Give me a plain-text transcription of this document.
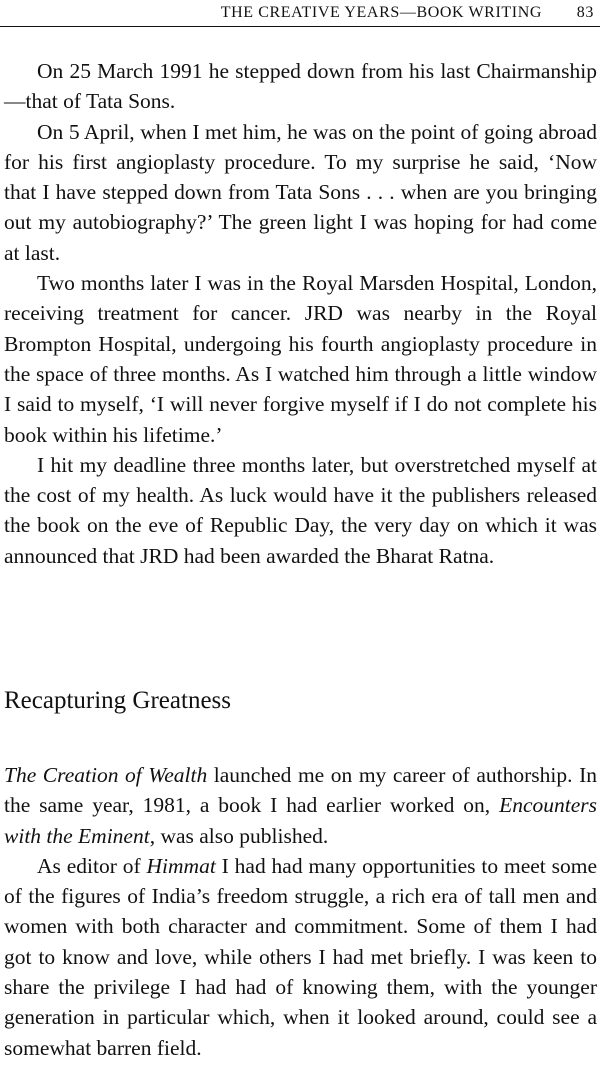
THE CREATIVE YEARS—BOOK WRITING 83

On 25 March 1991 he stepped down from his last Chairmanship—that of Tata Sons.

On 5 April, when I met him, he was on the point of going abroad for his first angioplasty procedure. To my surprise he said, ‘Now that I have stepped down from Tata Sons . . . when are you bringing out my autobiography?’ The green light I was hoping for had come at last.

Two months later I was in the Royal Marsden Hospital, London, receiving treatment for cancer. JRD was nearby in the Royal Brompton Hospital, undergoing his fourth angioplasty procedure in the space of three months. As I watched him through a little window I said to myself, ‘I will never forgive myself if I do not complete his book within his lifetime.’

I hit my deadline three months later, but overstretched myself at the cost of my health. As luck would have it the publishers released the book on the eve of Republic Day, the very day on which it was announced that JRD had been awarded the Bharat Ratna.

Recapturing Greatness

The Creation of Wealth launched me on my career of authorship. In the same year, 1981, a book I had earlier worked on, Encounters with the Eminent, was also published.

As editor of Himmat I had had many opportunities to meet some of the figures of India’s freedom struggle, a rich era of tall men and women with both character and commitment. Some of them I had got to know and love, while others I had met briefly. I was keen to share the privilege I had had of knowing them, with the younger generation in particular which, when it looked around, could see a somewhat barren field.
